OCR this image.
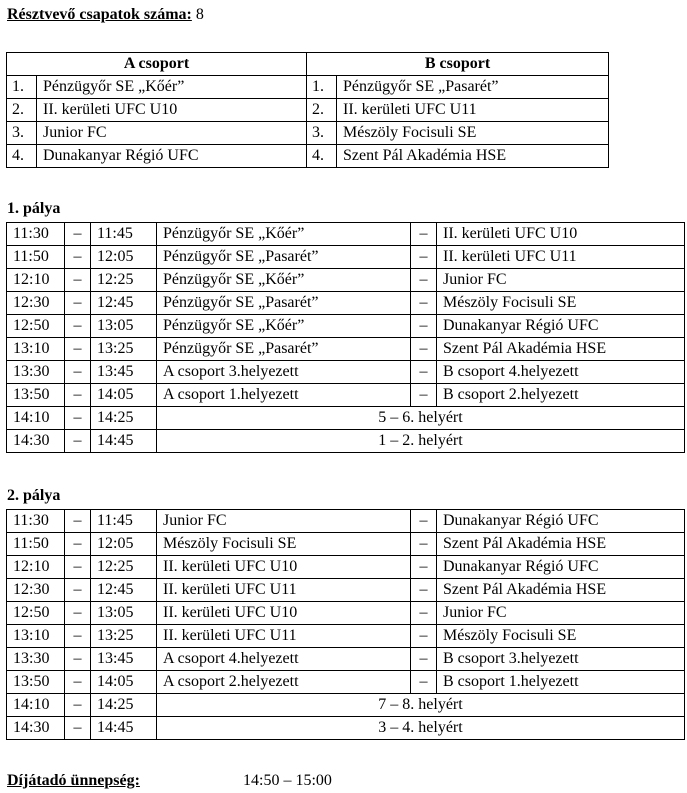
Résztvevő csapatok száma: 8
A csoport		B csoport	
1.	Pénzügyőr SE „Kőér”	1.	Pénzügyőr SE „Pasarét”
2.	II. kerületi UFC U10	2.	II. kerületi UFC U11
3.	Junior FC	3.	Mészöly Focisuli SE
4.	Dunakanyar Régió UFC	4.	Szent Pál Akadémia HSE
1. pálya
11:30	–	11:45	Pénzügyőr SE „Kőér”	–	II. kerületi UFC U10
11:50	–	12:05	Pénzügyőr SE „Pasarét”	–	II. kerületi UFC U11
12:10	–	12:25	Pénzügyőr SE „Kőér”	–	Junior FC
12:30	–	12:45	Pénzügyőr SE „Pasarét”	–	Mészöly Focisuli SE
12:50	–	13:05	Pénzügyőr SE „Kőér”	–	Dunakanyar Régió UFC
13:10	–	13:25	Pénzügyőr SE „Pasarét”	–	Szent Pál Akadémia HSE
13:30	–	13:45	A csoport 3.helyezett	–	B csoport 4.helyezett
13:50	–	14:05	A csoport 1.helyezett	–	B csoport 2.helyezett
14:10	–	14:25	5 – 6. helyért		
14:30	–	14:45	1 – 2. helyért		
2. pálya
11:30	–	11:45	Junior FC	–	Dunakanyar Régió UFC
11:50	–	12:05	Mészöly Focisuli SE	–	Szent Pál Akadémia HSE
12:10	–	12:25	II. kerületi UFC U10	–	Dunakanyar Régió UFC
12:30	–	12:45	II. kerületi UFC U11	–	Szent Pál Akadémia HSE
12:50	–	13:05	II. kerületi UFC U10	–	Junior FC
13:10	–	13:25	II. kerületi UFC U11	–	Mészöly Focisuli SE
13:30	–	13:45	A csoport 4.helyezett	–	B csoport 3.helyezett
13:50	–	14:05	A csoport 2.helyezett	–	B csoport 1.helyezett
14:10	–	14:25	7 – 8. helyért		
14:30	–	14:45	3 – 4. helyért		
Díjátadó ünnepség:	14:50 – 15:00
